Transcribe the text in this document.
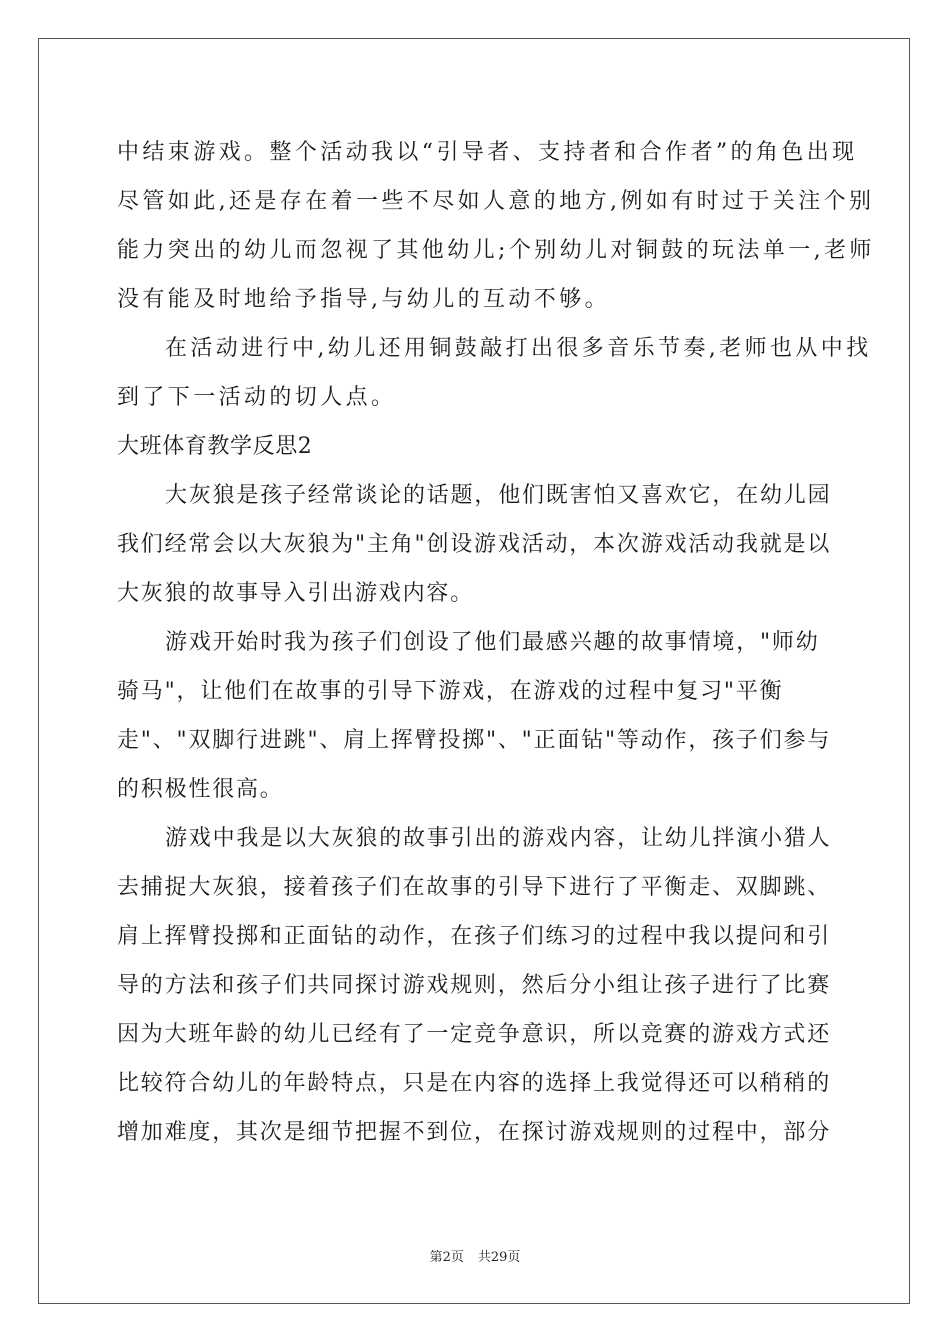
中结束游戏。整个活动我以“引导者、支持者和合作者”的角色出现
尽管如此,还是存在着一些不尽如人意的地方,例如有时过于关注个别
能力突出的幼儿而忽视了其他幼儿;个别幼儿对铜鼓的玩法单一,老师
没有能及时地给予指导,与幼儿的互动不够。
在活动进行中,幼儿还用铜鼓敲打出很多音乐节奏,老师也从中找
到了下一活动的切人点。
大班体育教学反思2
大灰狼是孩子经常谈论的话题，他们既害怕又喜欢它，在幼儿园
我们经常会以大灰狼为"主角"创设游戏活动，本次游戏活动我就是以
大灰狼的故事导入引出游戏内容。
游戏开始时我为孩子们创设了他们最感兴趣的故事情境，"师幼
骑马"，让他们在故事的引导下游戏，在游戏的过程中复习"平衡
走"、"双脚行进跳"、肩上挥臂投掷"、"正面钻"等动作，孩子们参与
的积极性很高。
游戏中我是以大灰狼的故事引出的游戏内容，让幼儿拌演小猎人
去捕捉大灰狼，接着孩子们在故事的引导下进行了平衡走、双脚跳、
肩上挥臂投掷和正面钻的动作，在孩子们练习的过程中我以提问和引
导的方法和孩子们共同探讨游戏规则，然后分小组让孩子进行了比赛
因为大班年龄的幼儿已经有了一定竞争意识，所以竞赛的游戏方式还
比较符合幼儿的年龄特点，只是在内容的选择上我觉得还可以稍稍的
增加难度，其次是细节把握不到位，在探讨游戏规则的过程中，部分
第2页 共29页
